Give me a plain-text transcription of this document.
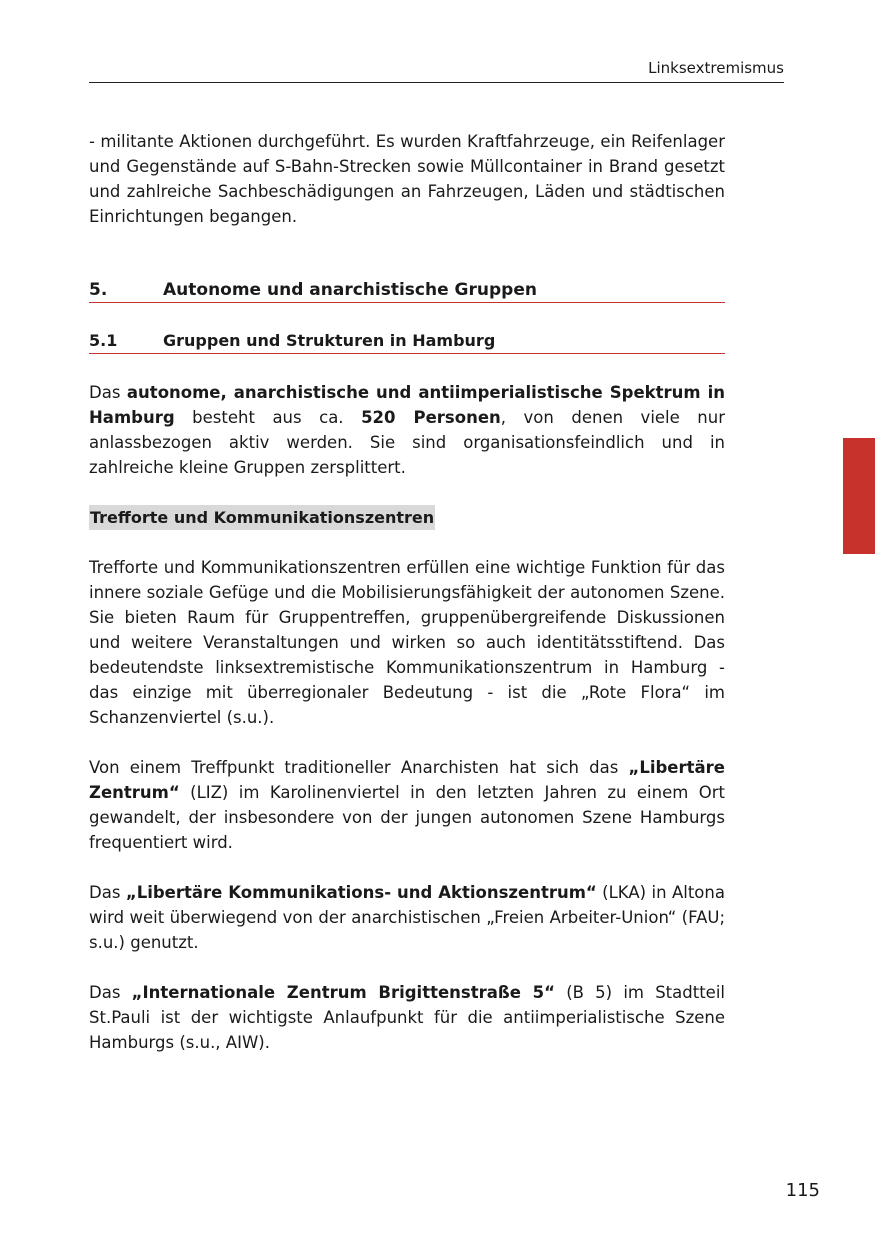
Linksextremismus

- militante Aktionen durchgeführt. Es wurden Kraftfahrzeuge, ein Reifenlager und Gegenstände auf S-Bahn-Strecken sowie Müllcontainer in Brand gesetzt und zahlreiche Sachbeschädigungen an Fahrzeugen, Läden und städtischen Einrichtungen begangen.

5.	Autonome und anarchistische Gruppen
5.1	Gruppen und Strukturen in Hamburg

Das autonome, anarchistische und antiimperialistische Spektrum in Hamburg besteht aus ca. 520 Personen, von denen viele nur anlassbezogen aktiv werden. Sie sind organisationsfeindlich und in zahlreiche kleine Gruppen zersplittert.

Trefforte und Kommunikationszentren

Trefforte und Kommunikationszentren erfüllen eine wichtige Funktion für das innere soziale Gefüge und die Mobilisierungsfähigkeit der autonomen Szene. Sie bieten Raum für Gruppentreffen, gruppenübergreifende Diskussionen und weitere Veranstaltungen und wirken so auch identitätsstiftend. Das bedeutendste linksextremistische Kommunikationszentrum in Hamburg - das einzige mit überregionaler Bedeutung - ist die „Rote Flora“ im Schanzenviertel (s.u.).

Von einem Treffpunkt traditioneller Anarchisten hat sich das „Libertäre Zentrum“ (LIZ) im Karolinenviertel in den letzten Jahren zu einem Ort gewandelt, der insbesondere von der jungen autonomen Szene Hamburgs frequentiert wird.

Das „Libertäre Kommunikations- und Aktionszentrum“ (LKA) in Altona wird weit überwiegend von der anarchistischen „Freien Arbeiter-Union“ (FAU; s.u.) genutzt.

Das „Internationale Zentrum Brigittenstraße 5“ (B 5) im Stadtteil St.Pauli ist der wichtigste Anlaufpunkt für die antiimperialistische Szene Hamburgs (s.u., AIW).

115
